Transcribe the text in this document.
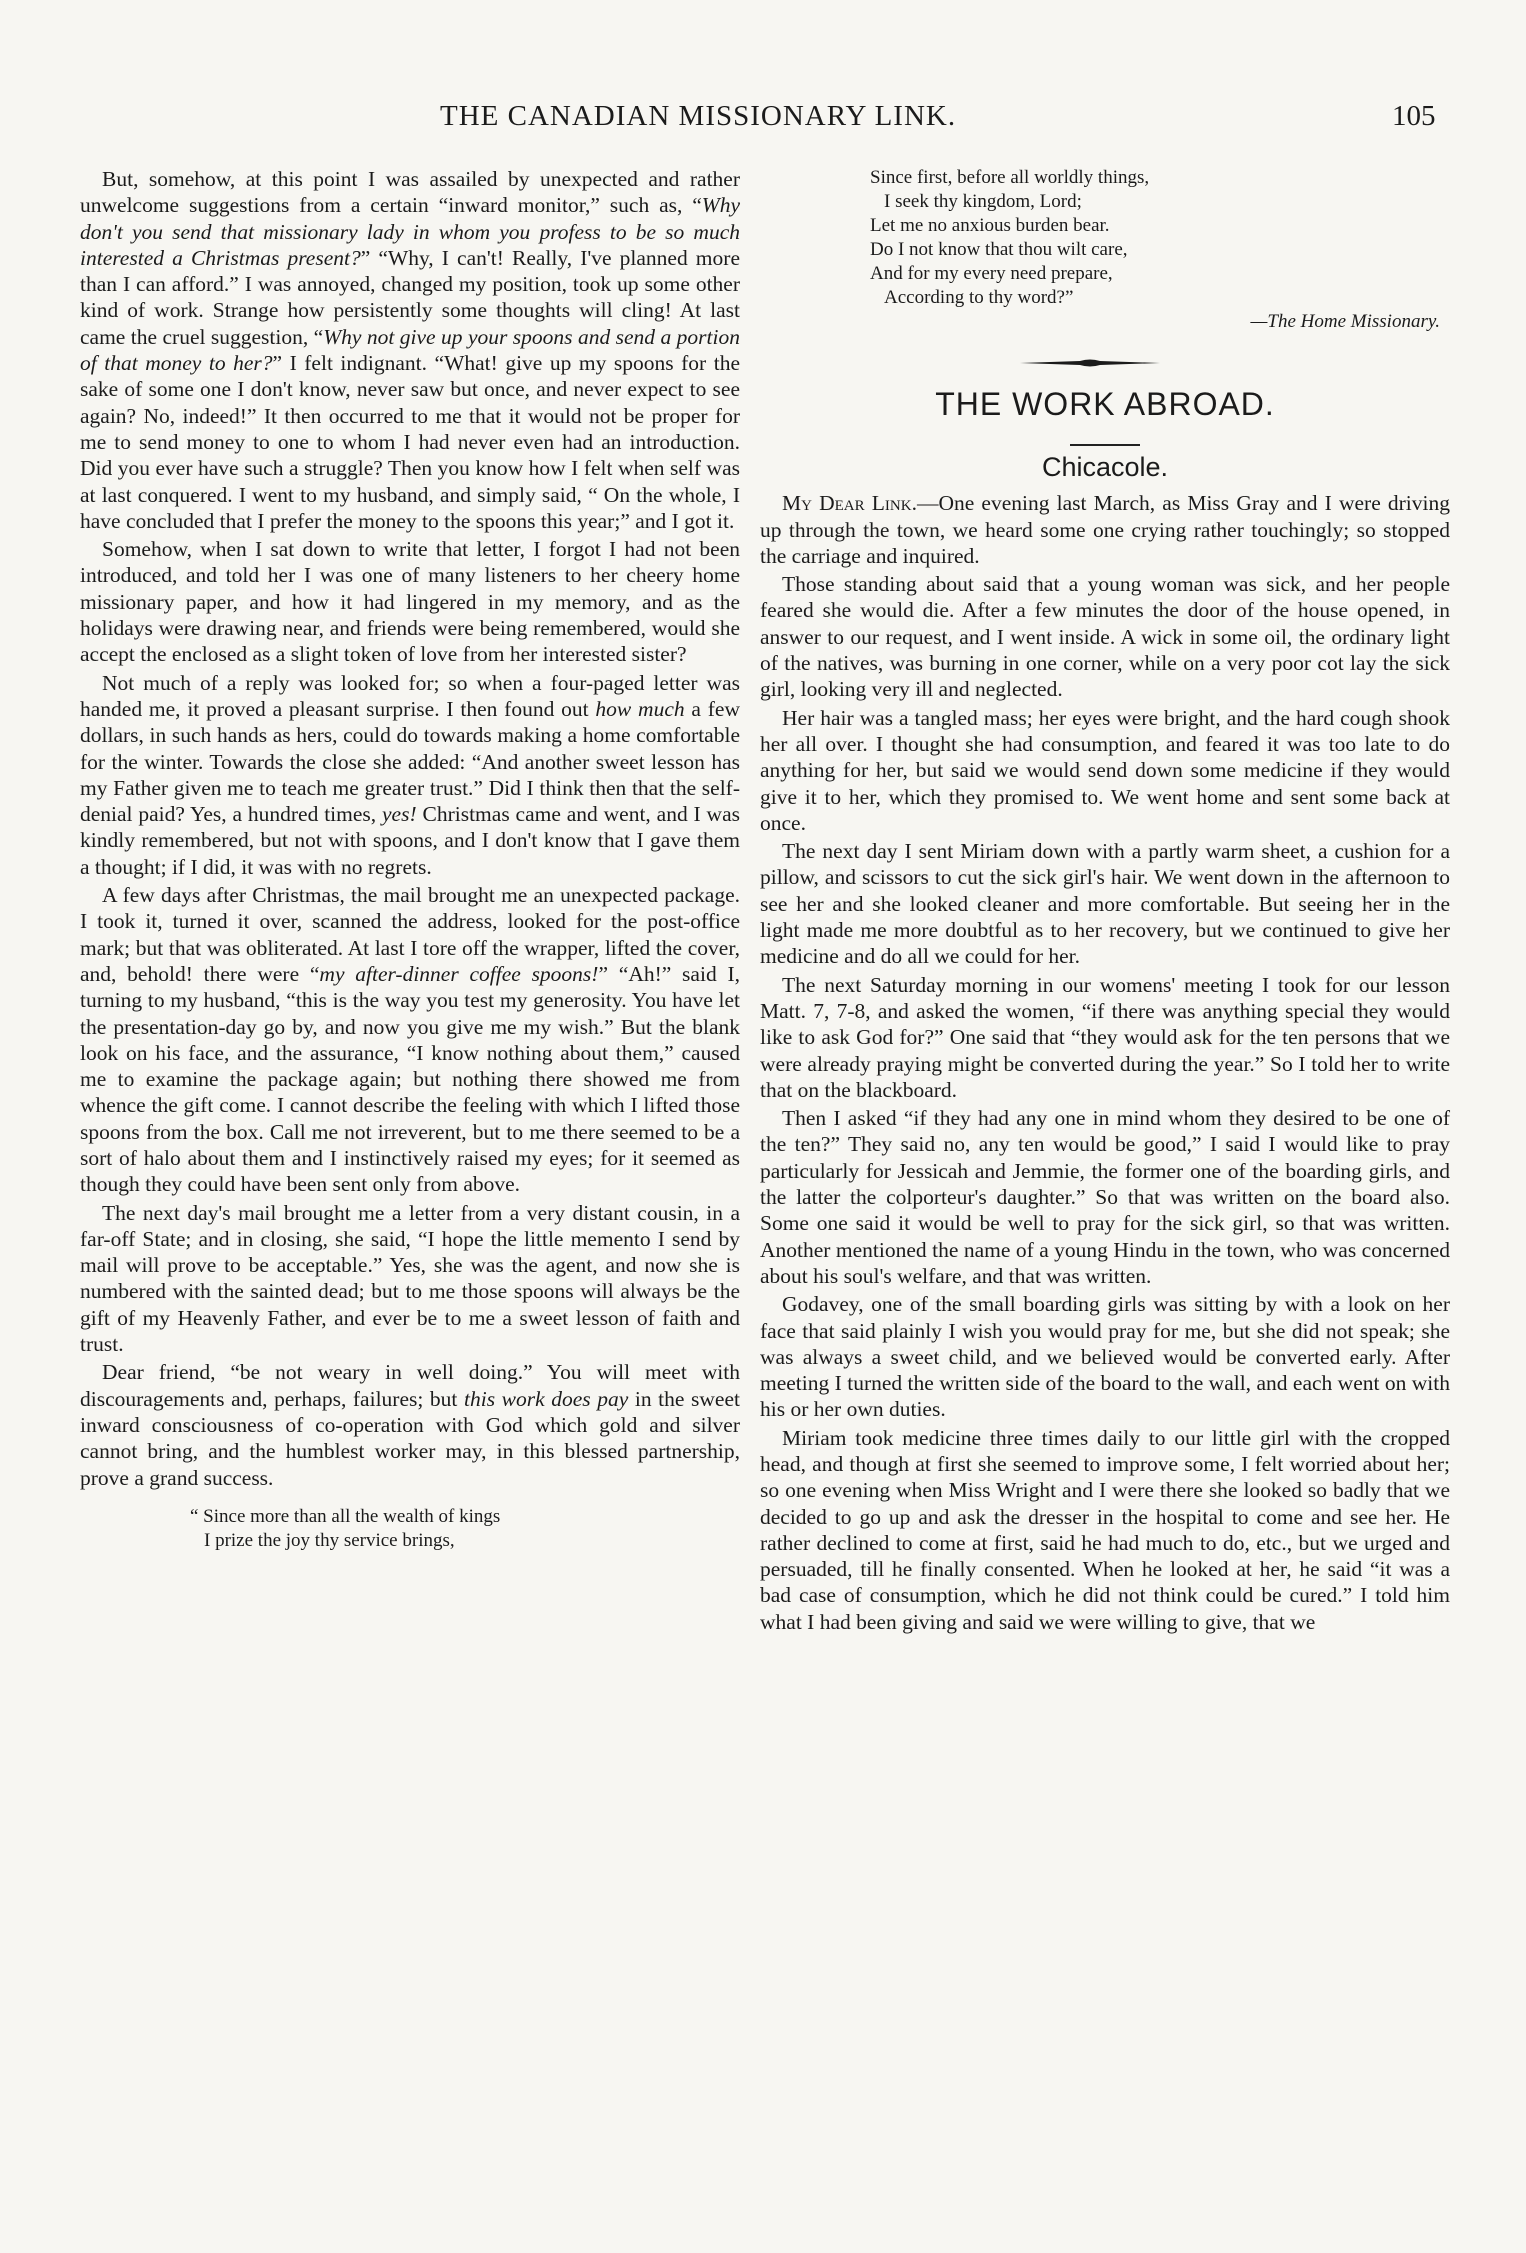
THE CANADIAN MISSIONARY LINK.	105

But, somehow, at this point I was assailed by unexpected and rather unwelcome suggestions from a certain “inward monitor,” such as, “Why don't you send that missionary lady in whom you profess to be so much interested a Christmas present?” “Why, I can't! Really, I've planned more than I can afford.” I was annoyed, changed my position, took up some other kind of work. Strange how persistently some thoughts will cling! At last came the cruel suggestion, “Why not give up your spoons and send a portion of that money to her?” I felt indignant. “What! give up my spoons for the sake of some one I don't know, never saw but once, and never expect to see again? No, indeed!” It then occurred to me that it would not be proper for me to send money to one to whom I had never even had an introduction. Did you ever have such a struggle? Then you know how I felt when self was at last conquered. I went to my husband, and simply said, “ On the whole, I have concluded that I prefer the money to the spoons this year;” and I got it.

Somehow, when I sat down to write that letter, I forgot I had not been introduced, and told her I was one of many listeners to her cheery home missionary paper, and how it had lingered in my memory, and as the holidays were drawing near, and friends were being remembered, would she accept the enclosed as a slight token of love from her interested sister?

Not much of a reply was looked for; so when a four-paged letter was handed me, it proved a pleasant surprise. I then found out how much a few dollars, in such hands as hers, could do towards making a home comfortable for the winter. Towards the close she added: “And another sweet lesson has my Father given me to teach me greater trust.” Did I think then that the self-denial paid? Yes, a hundred times, yes! Christmas came and went, and I was kindly remembered, but not with spoons, and I don't know that I gave them a thought; if I did, it was with no regrets.

A few days after Christmas, the mail brought me an unexpected package. I took it, turned it over, scanned the address, looked for the post-office mark; but that was obliterated. At last I tore off the wrapper, lifted the cover, and, behold! there were “my after-dinner coffee spoons!” “Ah!” said I, turning to my husband, “this is the way you test my generosity. You have let the presentation-day go by, and now you give me my wish.” But the blank look on his face, and the assurance, “I know nothing about them,” caused me to examine the package again; but nothing there showed me from whence the gift come. I cannot describe the feeling with which I lifted those spoons from the box. Call me not irreverent, but to me there seemed to be a sort of halo about them and I instinctively raised my eyes; for it seemed as though they could have been sent only from above.

The next day's mail brought me a letter from a very distant cousin, in a far-off State; and in closing, she said, “I hope the little memento I send by mail will prove to be acceptable.” Yes, she was the agent, and now she is numbered with the sainted dead; but to me those spoons will always be the gift of my Heavenly Father, and ever be to me a sweet lesson of faith and trust.

Dear friend, “be not weary in well doing.” You will meet with discouragements and, perhaps, failures; but this work does pay in the sweet inward consciousness of co-operation with God which gold and silver cannot bring, and the humblest worker may, in this blessed partnership, prove a grand success.

“ Since more than all the wealth of kings
I prize the joy thy service brings,
Since first, before all worldly things,
I seek thy kingdom, Lord;
Let me no anxious burden bear.
Do I not know that thou wilt care,
And for my every need prepare,
According to thy word?”
—The Home Missionary.
THE WORK ABROAD.
Chicacole.

My Dear Link.—One evening last March, as Miss Gray and I were driving up through the town, we heard some one crying rather touchingly; so stopped the carriage and inquired.

Those standing about said that a young woman was sick, and her people feared she would die. After a few minutes the door of the house opened, in answer to our request, and I went inside. A wick in some oil, the ordinary light of the natives, was burning in one corner, while on a very poor cot lay the sick girl, looking very ill and neglected.

Her hair was a tangled mass; her eyes were bright, and the hard cough shook her all over. I thought she had consumption, and feared it was too late to do anything for her, but said we would send down some medicine if they would give it to her, which they promised to. We went home and sent some back at once.

The next day I sent Miriam down with a partly warm sheet, a cushion for a pillow, and scissors to cut the sick girl's hair. We went down in the afternoon to see her and she looked cleaner and more comfortable. But seeing her in the light made me more doubtful as to her recovery, but we continued to give her medicine and do all we could for her.

The next Saturday morning in our womens' meeting I took for our lesson Matt. 7, 7-8, and asked the women, “if there was anything special they would like to ask God for?” One said that “they would ask for the ten persons that we were already praying might be converted during the year.” So I told her to write that on the blackboard.

Then I asked “if they had any one in mind whom they desired to be one of the ten?” They said no, any ten would be good,” I said I would like to pray particularly for Jessicah and Jemmie, the former one of the boarding girls, and the latter the colporteur's daughter.” So that was written on the board also. Some one said it would be well to pray for the sick girl, so that was written. Another mentioned the name of a young Hindu in the town, who was concerned about his soul's welfare, and that was written.

Godavey, one of the small boarding girls was sitting by with a look on her face that said plainly I wish you would pray for me, but she did not speak; she was always a sweet child, and we believed would be converted early. After meeting I turned the written side of the board to the wall, and each went on with his or her own duties.

Miriam took medicine three times daily to our little girl with the cropped head, and though at first she seemed to improve some, I felt worried about her; so one evening when Miss Wright and I were there she looked so badly that we decided to go up and ask the dresser in the hospital to come and see her. He rather declined to come at first, said he had much to do, etc., but we urged and persuaded, till he finally consented. When he looked at her, he said “it was a bad case of consumption, which he did not think could be cured.” I told him what I had been giving and said we were willing to give, that we
